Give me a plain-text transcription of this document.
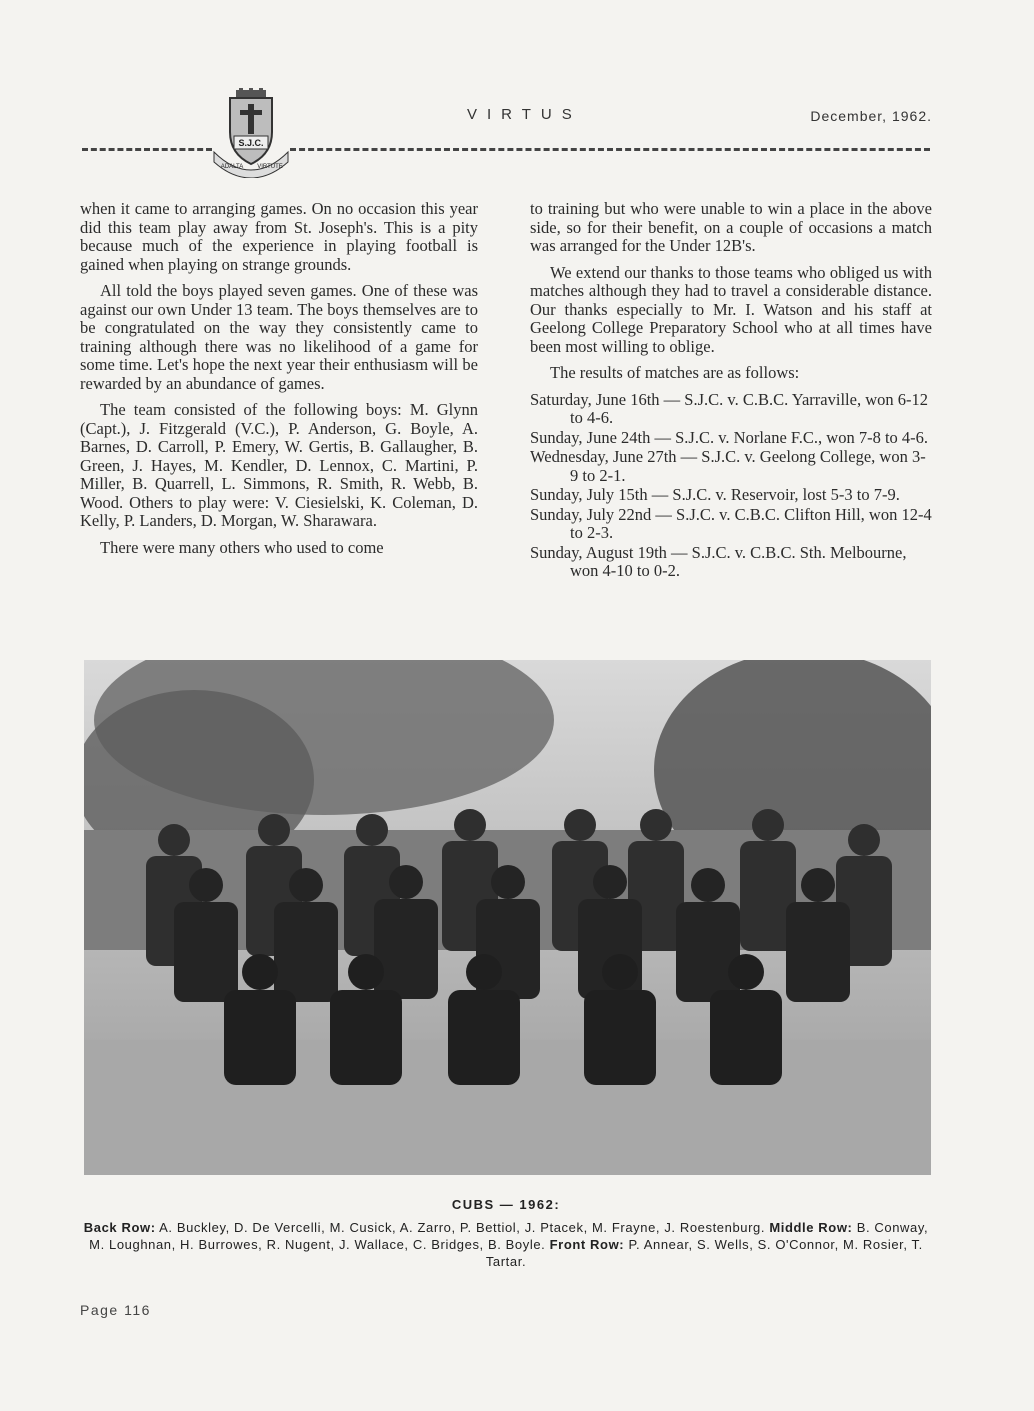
S.J.C.
ADALTA VIRTUTE
VIRTUS	December, 1962.

when it came to arranging games. On no occasion this year did this team play away from St. Joseph's. This is a pity because much of the experience in playing football is gained when playing on strange grounds.

All told the boys played seven games. One of these was against our own Under 13 team. The boys themselves are to be congratulated on the way they consistently came to training although there was no likelihood of a game for some time. Let's hope the next year their enthusiasm will be rewarded by an abundance of games.

The team consisted of the following boys: M. Glynn (Capt.), J. Fitzgerald (V.C.), P. Anderson, G. Boyle, A. Barnes, D. Carroll, P. Emery, W. Gertis, B. Gallaugher, B. Green, J. Hayes, M. Kendler, D. Lennox, C. Martini, P. Miller, B. Quarrell, L. Simmons, R. Smith, R. Webb, B. Wood. Others to play were: V. Ciesielski, K. Coleman, D. Kelly, P. Landers, D. Morgan, W. Sharawara.

There were many others who used to come

to training but who were unable to win a place in the above side, so for their benefit, on a couple of occasions a match was arranged for the Under 12B's.

We extend our thanks to those teams who obliged us with matches although they had to travel a considerable distance. Our thanks especially to Mr. I. Watson and his staff at Geelong College Preparatory School who at all times have been most willing to oblige.

The results of matches are as follows:

Saturday, June 16th — S.J.C. v. C.B.C. Yarraville, won 6-12 to 4-6.
Sunday, June 24th — S.J.C. v. Norlane F.C., won 7-8 to 4-6.
Wednesday, June 27th — S.J.C. v. Geelong College, won 3-9 to 2-1.
Sunday, July 15th — S.J.C. v. Reservoir, lost 5-3 to 7-9.
Sunday, July 22nd — S.J.C. v. C.B.C. Clifton Hill, won 12-4 to 2-3.
Sunday, August 19th — S.J.C. v. C.B.C. Sth. Melbourne, won 4-10 to 0-2.
CUBS — 1962:
Back Row: A. Buckley, D. De Vercelli, M. Cusick, A. Zarro, P. Bettiol, J. Ptacek, M. Frayne, J. Roestenburg. Middle Row: B. Conway, M. Loughnan, H. Burrowes, R. Nugent, J. Wallace, C. Bridges, B. Boyle. Front Row: P. Annear, S. Wells, S. O'Connor, M. Rosier, T. Tartar.
Page 116
